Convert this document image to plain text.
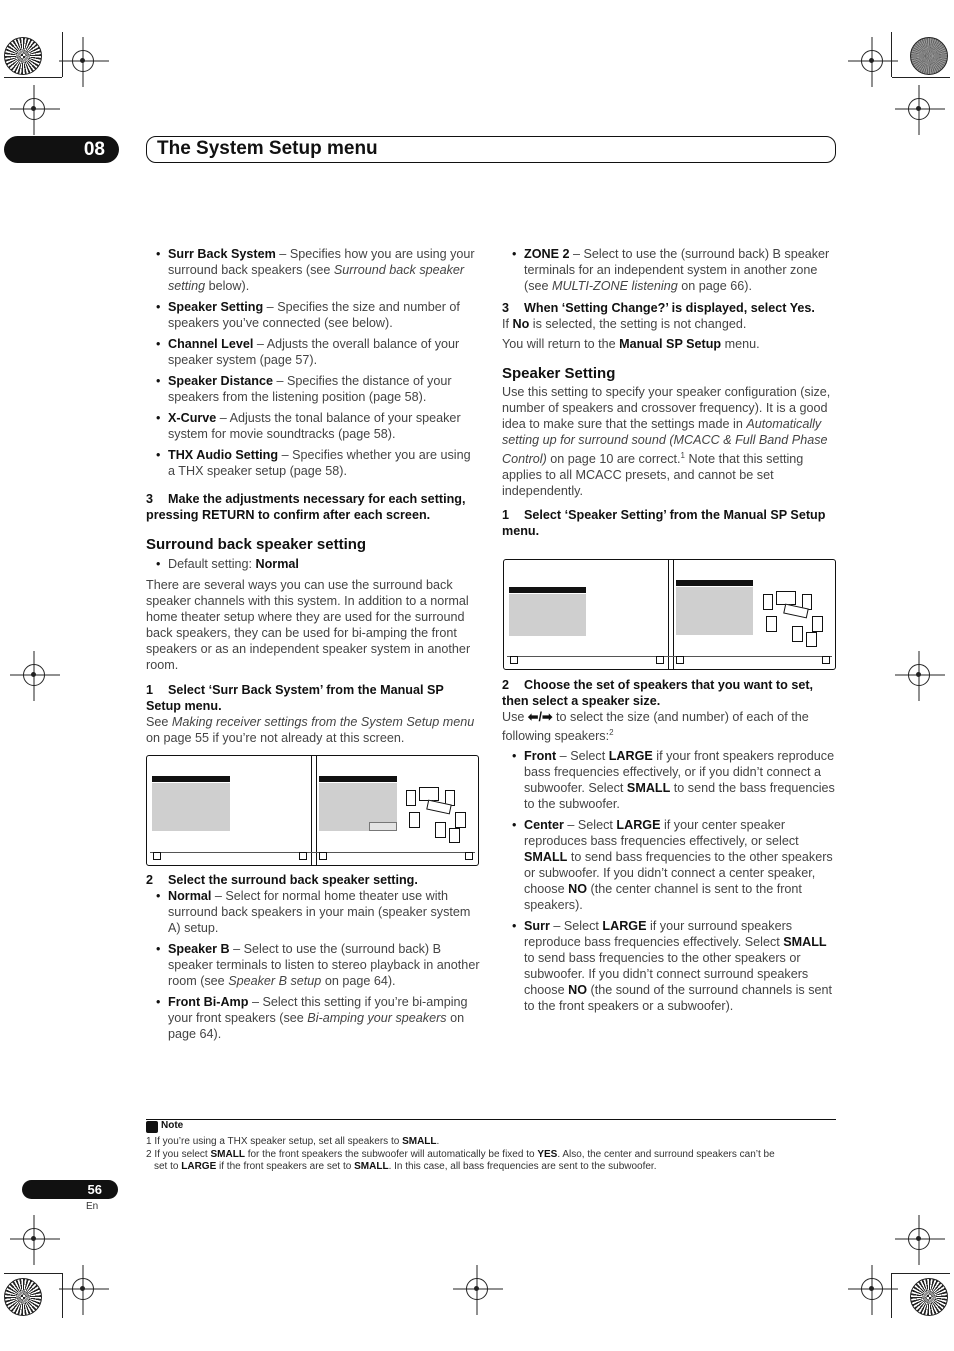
08	The System Setup menu
• Surr Back System – Specifies how you are using your surround back speakers (see Surround back speaker setting below).
• Speaker Setting – Specifies the size and number of speakers you’ve connected (see below).
• Channel Level – Adjusts the overall balance of your speaker system (page 57).
• Speaker Distance – Specifies the distance of your speakers from the listening position (page 58).
• X-Curve – Adjusts the tonal balance of your speaker system for movie soundtracks (page 58).
• THX Audio Setting – Specifies whether you are using a THX speaker setup (page 58).

3 Make the adjustments necessary for each setting, pressing RETURN to confirm after each screen.

Surround back speaker setting

• Default setting: Normal

There are several ways you can use the surround back speaker channels with this system. In addition to a normal home theater setup where they are used for the surround back speakers, they can be used for bi-amping the front speakers or as an independent speaker system in another room.

1 Select ‘Surr Back System’ from the Manual SP Setup menu.

See Making receiver settings from the System Setup menu on page 55 if you’re not already at this screen.

2 Select the surround back speaker setting.

• Normal – Select for normal home theater use with surround back speakers in your main (speaker system A) setup.
• Speaker B – Select to use the (surround back) B speaker terminals to listen to stereo playback in another room (see Speaker B setup on page 64).
• Front Bi-Amp – Select this setting if you’re bi-amping your front speakers (see Bi-amping your speakers on page 64).
• ZONE 2 – Select to use the (surround back) B speaker terminals for an independent system in another zone (see MULTI-ZONE listening on page 66).

3 When ‘Setting Change?’ is displayed, select Yes.

If No is selected, the setting is not changed.

You will return to the Manual SP Setup menu.

Speaker Setting

Use this setting to specify your speaker configuration (size, number of speakers and crossover frequency). It is a good idea to make sure that the settings made in Automatically setting up for surround sound (MCACC & Full Band Phase Control) on page 10 are correct.$^1$ Note that this setting applies to all MCACC presets, and cannot be set independently.

1 Select ‘Speaker Setting’ from the Manual SP Setup menu.

2 Choose the set of speakers that you want to set, then select a speaker size.

Use ⬅/➡ to select the size (and number) of each of the following speakers:$^2$

• Front – Select LARGE if your front speakers reproduce bass frequencies effectively, or if you didn’t connect a subwoofer. Select SMALL to send the bass frequencies to the subwoofer.
• Center – Select LARGE if your center speaker reproduces bass frequencies effectively, or select SMALL to send bass frequencies to the other speakers or subwoofer. If you didn’t connect a center speaker, choose NO (the center channel is sent to the front speakers).
• Surr – Select LARGE if your surround speakers reproduce bass frequencies effectively. Select SMALL to send bass frequencies to the other speakers or subwoofer. If you didn’t connect surround speakers choose NO (the sound of the surround channels is sent to the front speakers or a subwoofer).
Note
1 If you’re using a THX speaker setup, set all speakers to SMALL.
2 If you select SMALL for the front speakers the subwoofer will automatically be fixed to YES. Also, the center and surround speakers can’t be
set to LARGE if the front speakers are set to SMALL. In this case, all bass frequencies are sent to the subwoofer.
56
En
